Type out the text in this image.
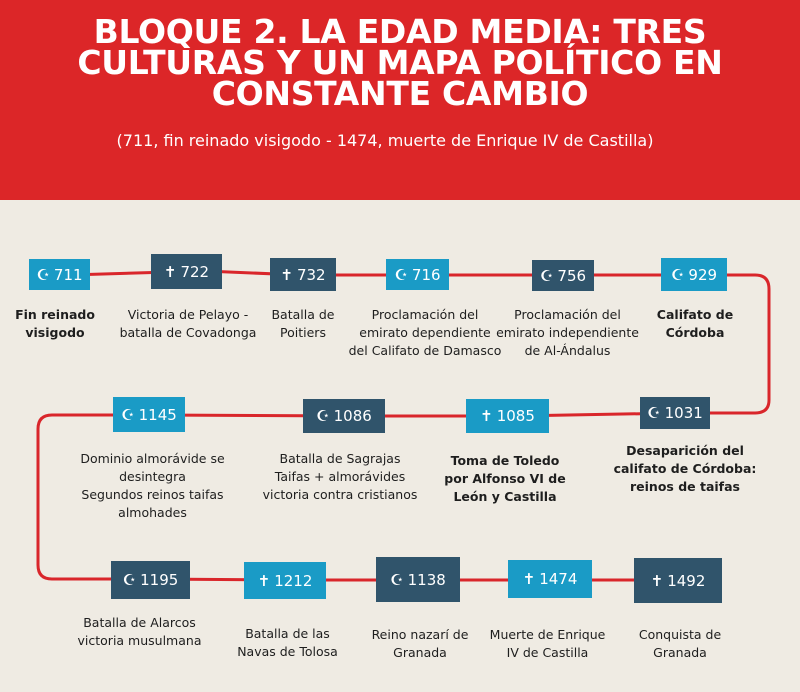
BLOQUE 2. LA EDAD MEDIA: TRES CULTURAS Y UN MAPA POLÍTICO EN CONSTANTE CAMBIO
(711, fin reinado visigodo - 1474, muerte de Enrique IV de Castilla)
☪ 711
Fin reinado
visigodo
✝ 722
Victoria de Pelayo -
batalla de Covadonga
✝ 732
Batalla de
Poitiers
☪ 716
Proclamación del
emirato dependiente
del Califato de Damasco
☪ 756
Proclamación del
emirato independiente
de Al-Ándalus
☪ 929
Califato de
Córdoba
☪ 1031
Desaparición del
califato de Córdoba:
reinos de taifas
✝ 1085
Toma de Toledo
por Alfonso VI de
León y Castilla
☪ 1086
Batalla de Sagrajas
Taifas + almorávides
victoria contra cristianos
☪ 1145
Dominio almorávide se
desintegra
Segundos reinos taifas
almohades
☪ 1195
Batalla de Alarcos
victoria musulmana
✝ 1212
Batalla de las
Navas de Tolosa
☪ 1138
Reino nazarí de
Granada
✝ 1474
Muerte de Enrique
IV de Castilla
✝ 1492
Conquista de
Granada
